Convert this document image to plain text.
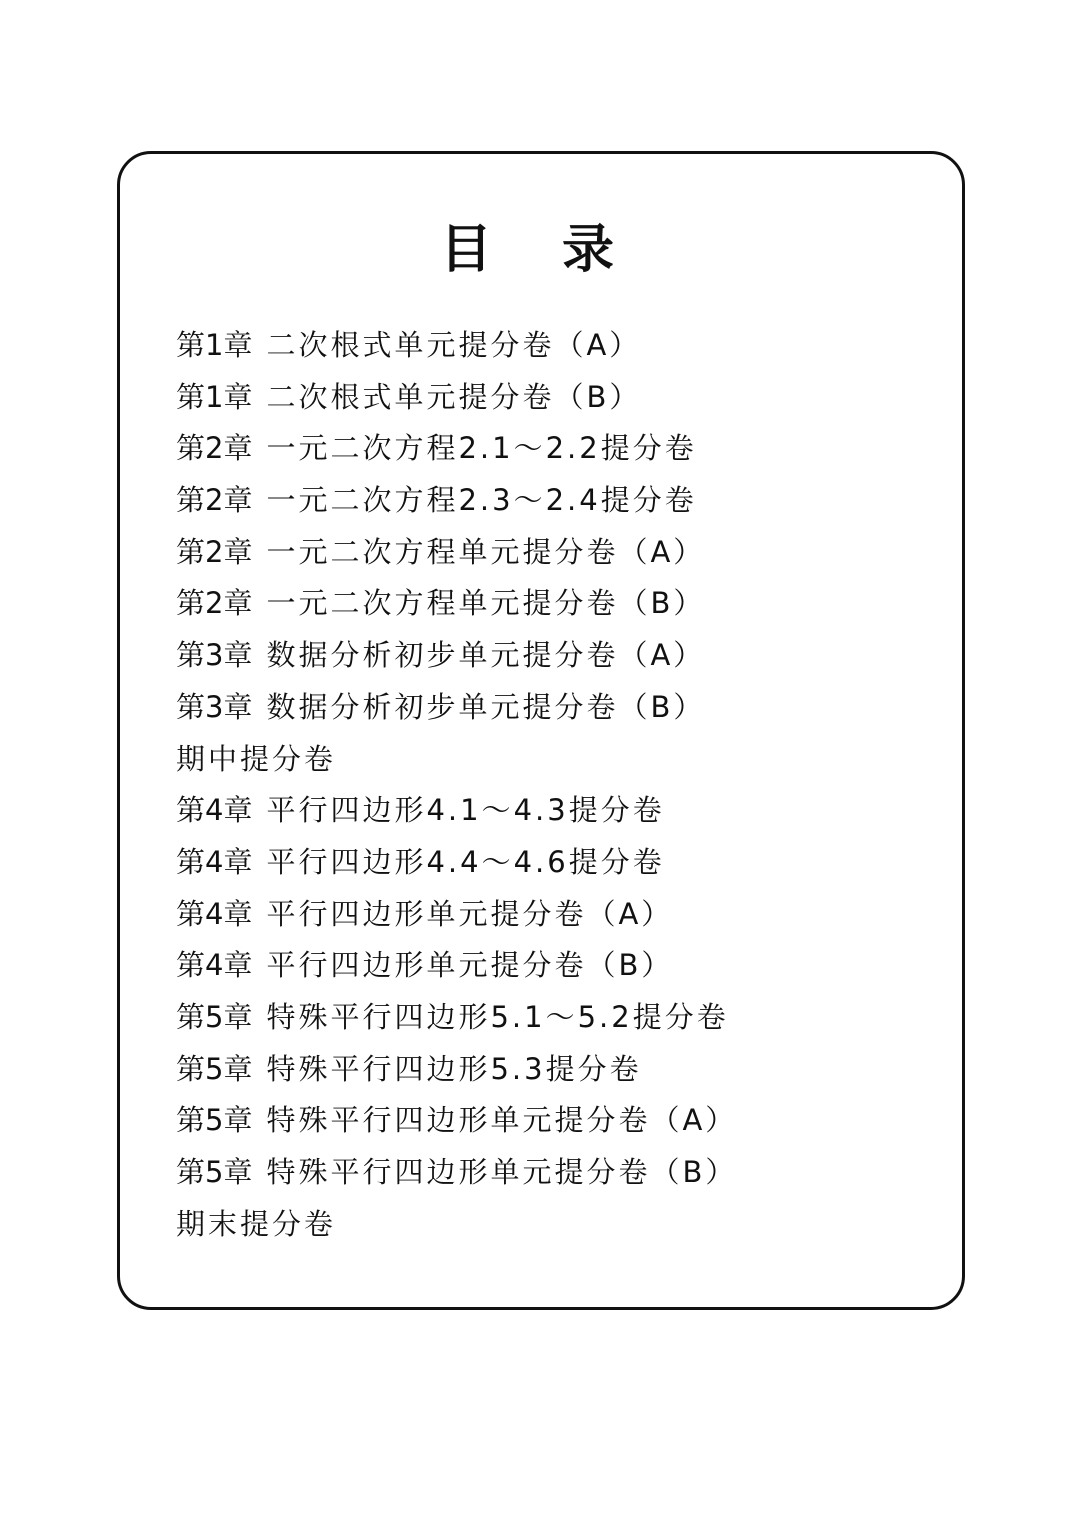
目 录
第1章 二次根式单元提分卷（A）
第1章 二次根式单元提分卷（B）
第2章 一元二次方程2.1～2.2提分卷
第2章 一元二次方程2.3～2.4提分卷
第2章 一元二次方程单元提分卷（A）
第2章 一元二次方程单元提分卷（B）
第3章 数据分析初步单元提分卷（A）
第3章 数据分析初步单元提分卷（B）
期中提分卷
第4章 平行四边形4.1～4.3提分卷
第4章 平行四边形4.4～4.6提分卷
第4章 平行四边形单元提分卷（A）
第4章 平行四边形单元提分卷（B）
第5章 特殊平行四边形5.1～5.2提分卷
第5章 特殊平行四边形5.3提分卷
第5章 特殊平行四边形单元提分卷（A）
第5章 特殊平行四边形单元提分卷（B）
期末提分卷
